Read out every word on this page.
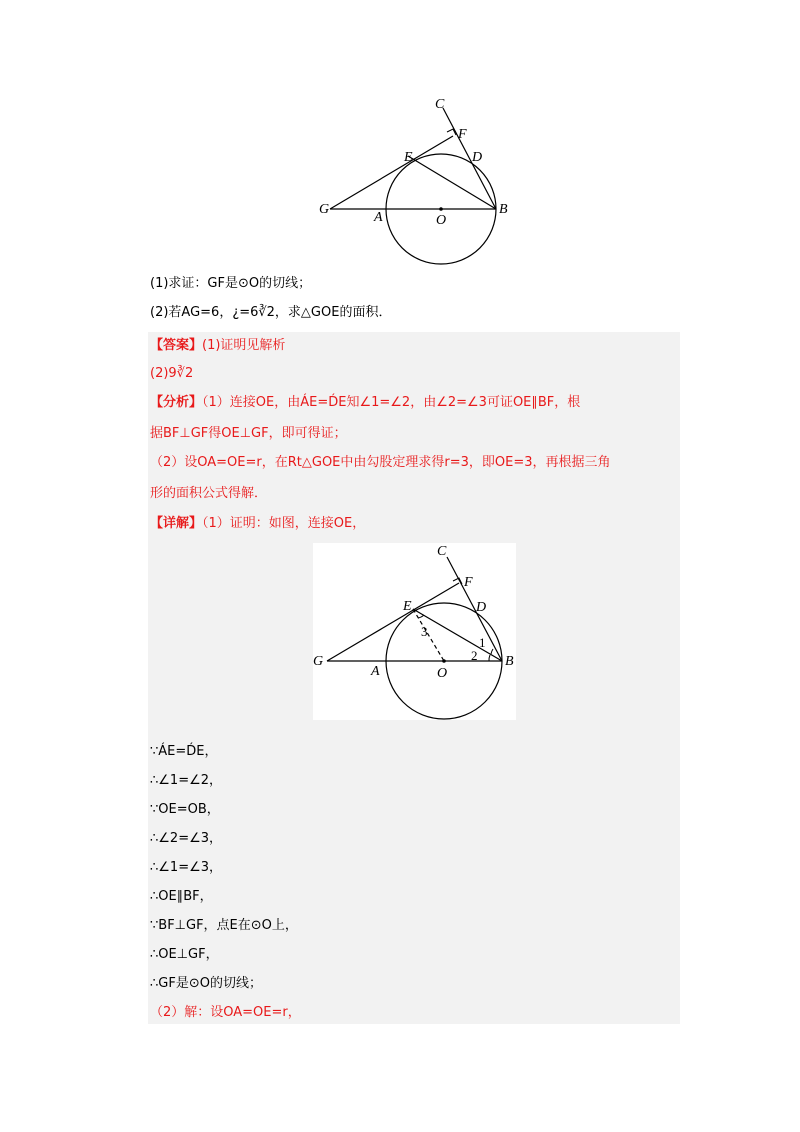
C
F
E	D
G
A	O
B
(1)求证：GF是⊙O的切线；
(2)若AG=6，¿=6∛2，求△GOE的面积．
【答案】(1)证明见解析
(2)9∛2
【分析】（1）连接OE，由ÁE=D́E知∠1=∠2，由∠2=∠3可证OE∥BF，根
据BF⊥GF得OE⊥GF，即可得证；
（2）设OA=OE=r，在Rt△GOE中由勾股定理求得r=3，即OE=3，再根据三角
形的面积公式得解．
【详解】（1）证明：如图，连接OE，
C
F
E	D
G
A	O
B
1
2
3
∵ÁE=D́E，
∴∠1=∠2，
∵OE=OB，
∴∠2=∠3，
∴∠1=∠3，
∴OE∥BF，
∵BF⊥GF，点E在⊙O上，
∴OE⊥GF，
∴GF是⊙O的切线；
（2）解：设OA=OE=r，
